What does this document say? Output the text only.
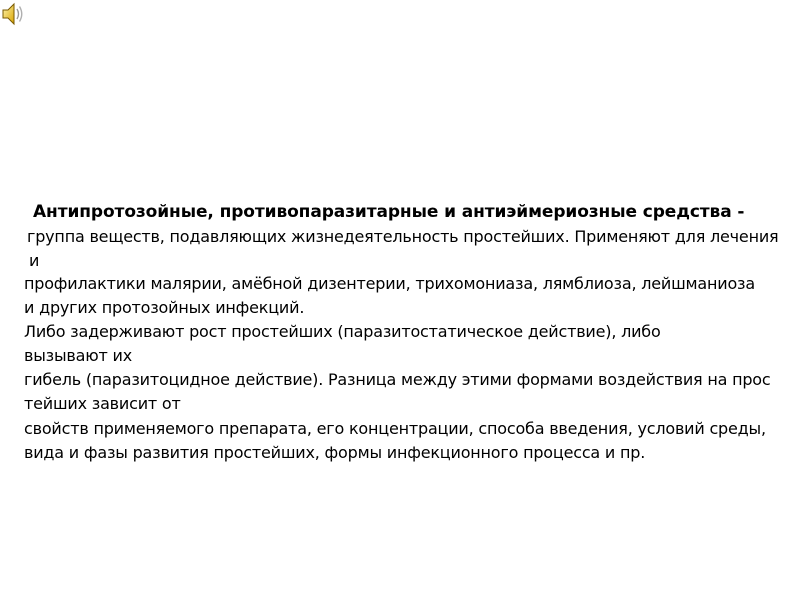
Антипротозойные, противопаразитарные и антиэймериозные средства -
группа веществ, подавляющих жизнедеятельность простейших. Применяют для лечения
и
профилактики малярии, амёбной дизентерии, трихомониаза, лямблиоза, лейшманиоза
и других протозойных инфекций.
Либо задерживают рост простейших (паразитостатическое действие), либо
вызывают их
гибель (паразитоцидное действие). Разница между этими формами воздействия на прос
тейших зависит от
свойств применяемого препарата, его концентрации, способа введения, условий среды,
вида и фазы развития простейших, формы инфекционного процесса и пр.
